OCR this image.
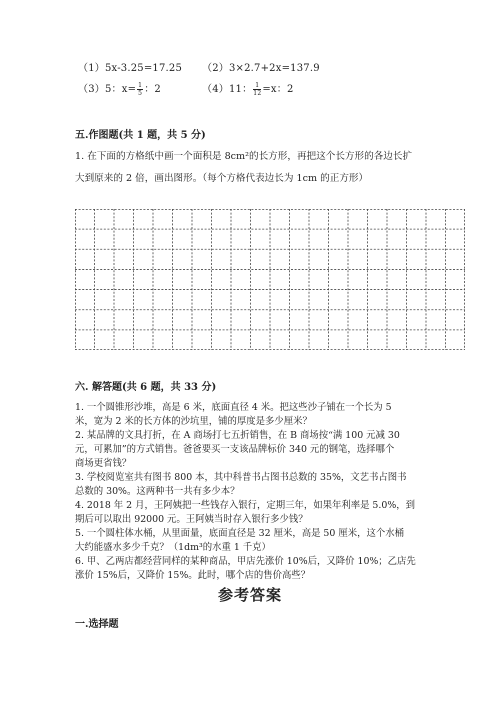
（1）5x-3.25=17.25 （2）3×2.7+2x=137.9
（3）5：$x= \frac{1}{5}$ ：2	（4）11： $\frac{1}{12} =x$：2
五.作图题(共 1 题，共 5 分)
1. 在下面的方格纸中画一个面积是 8cm²的长方形，再把这个长方形的各边长扩
大到原来的 2 倍，画出图形。（每个方格代表边长为 1cm 的正方形）
六. 解答题(共 6 题，共 33 分)
1. 一个圆锥形沙堆，高是 6 米，底面直径 4 米。把这些沙子铺在一个长为 5
米，宽为 2 米的长方体的沙坑里，铺的厚度是多少厘米？
2. 某品牌的文具打折，在 A 商场打七五折销售，在 B 商场按“满 100 元减 30
元，可累加”的方式销售。爸爸要买一支该品牌标价 340 元的钢笔，选择哪个
商场更省钱？
3. 学校阅览室共有图书 800 本，其中科普书占图书总数的 35%，文艺书占图书
总数的 30%。这两种书一共有多少本？
4. 2018 年 2 月，王阿姨把一些钱存入银行，定期三年，如果年利率是 5.0%，到
期后可以取出 92000 元。王阿姨当时存入银行多少钱？
5. 一个圆柱体水桶，从里面量，底面直径是 32 厘米，高是 50 厘米，这个水桶
大约能盛水多少千克？（1dm³的水重 1 千克）
6. 甲、乙两店都经营同样的某种商品，甲店先涨价 10%后，又降价 10%；乙店先
涨价 15%后，又降价 15%。此时，哪个店的售价高些？
参考答案
一.选择题
